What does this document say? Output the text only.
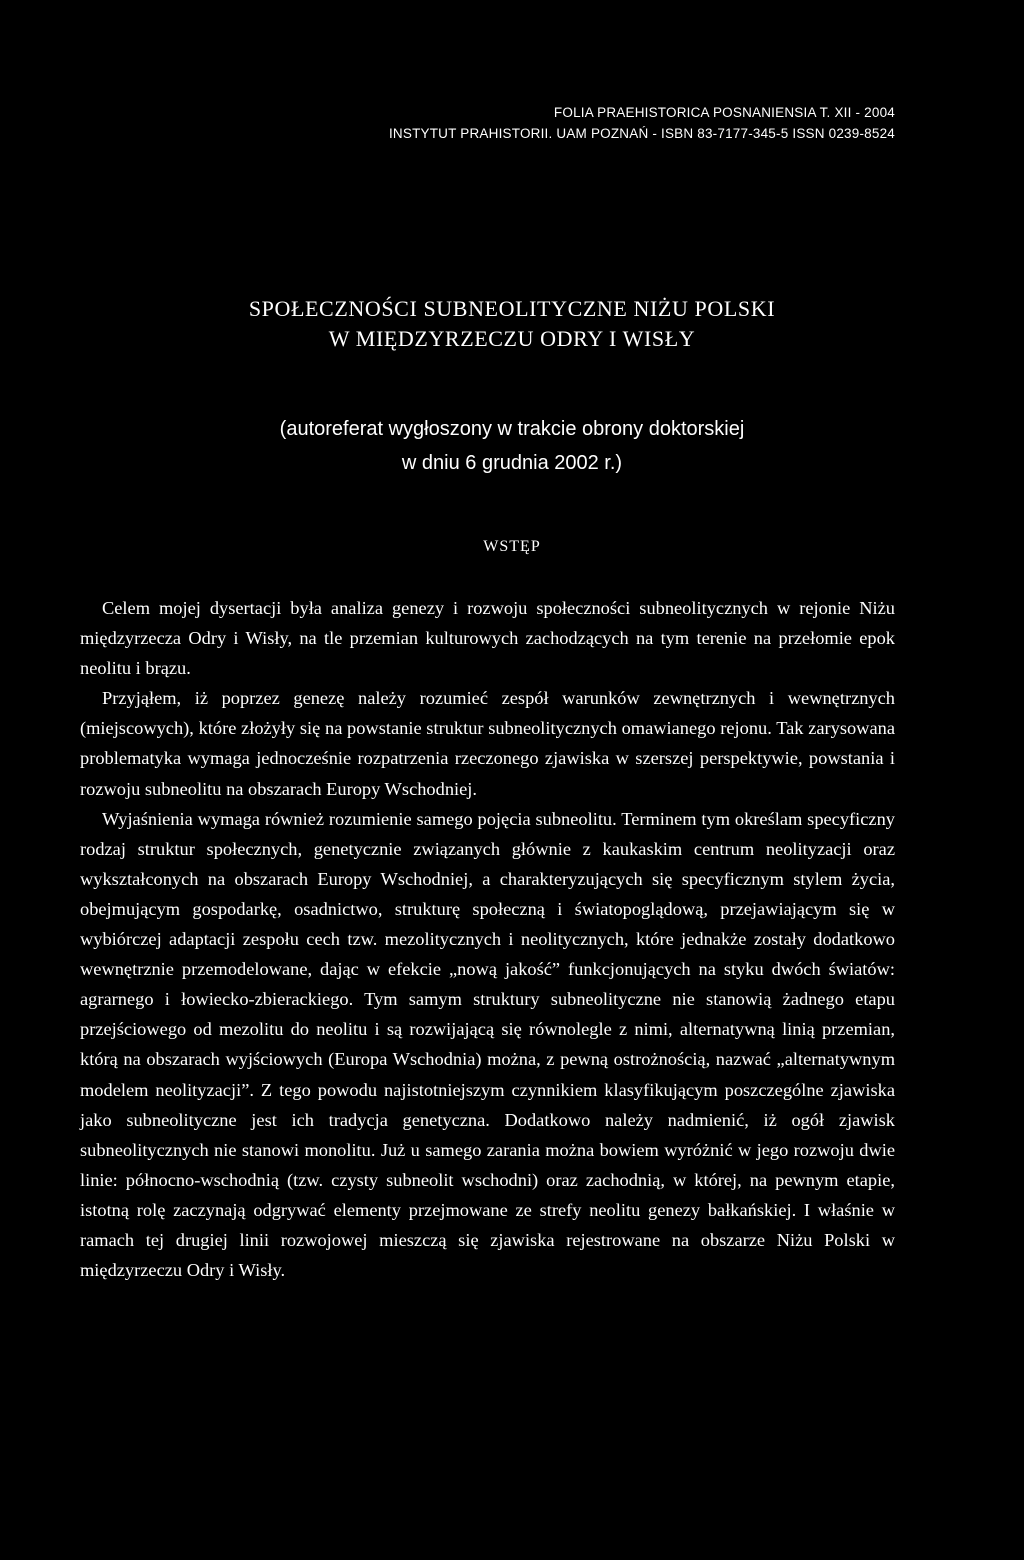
FOLIA PRAEHISTORICA POSNANIENSIA T. XII - 2004
INSTYTUT PRAHISTORII. UAM POZNAŃ - ISBN 83-7177-345-5 ISSN 0239-8524
SPOŁECZNOŚCI SUBNEOLITYCZNE NIŻU POLSKI
W MIĘDZYRZECZU ODRY I WISŁY
(autoreferat wygłoszony w trakcie obrony doktorskiej
w dniu 6 grudnia 2002 r.)
WSTĘP

Celem mojej dysertacji była analiza genezy i rozwoju społeczności subneolitycznych w rejonie Niżu międzyrzecza Odry i Wisły, na tle przemian kulturowych zachodzących na tym terenie na przełomie epok neolitu i brązu.

Przyjąłem, iż poprzez genezę należy rozumieć zespół warunków zewnętrznych i wewnętrznych (miejscowych), które złożyły się na powstanie struktur subneolitycznych omawianego rejonu. Tak zarysowana problematyka wymaga jednocześnie rozpatrzenia rzeczonego zjawiska w szerszej perspektywie, powstania i rozwoju subneolitu na obszarach Europy Wschodniej.

Wyjaśnienia wymaga również rozumienie samego pojęcia subneolitu. Terminem tym określam specyficzny rodzaj struktur społecznych, genetycznie związanych głównie z kaukaskim centrum neolityzacji oraz wykształconych na obszarach Europy Wschodniej, a charakteryzujących się specyficznym stylem życia, obejmującym gospodarkę, osadnictwo, strukturę społeczną i światopoglądową, przejawiającym się w wybiórczej adaptacji zespołu cech tzw. mezolitycznych i neolitycznych, które jednakże zostały dodatkowo wewnętrznie przemodelowane, dając w efekcie „nową jakość” funkcjonujących na styku dwóch światów: agrarnego i łowiecko-zbierackiego. Tym samym struktury subneolityczne nie stanowią żadnego etapu przejściowego od mezolitu do neolitu i są rozwijającą się równolegle z nimi, alternatywną linią przemian, którą na obszarach wyjściowych (Europa Wschodnia) można, z pewną ostrożnością, nazwać „alternatywnym modelem neolityzacji”. Z tego powodu najistotniejszym czynnikiem klasyfikującym poszczególne zjawiska jako subneolityczne jest ich tradycja genetyczna. Dodatkowo należy nadmienić, iż ogół zjawisk subneolitycznych nie stanowi monolitu. Już u samego zarania można bowiem wyróżnić w jego rozwoju dwie linie: północno-wschodnią (tzw. czysty subneolit wschodni) oraz zachodnią, w której, na pewnym etapie, istotną rolę zaczynają odgrywać elementy przejmowane ze strefy neolitu genezy bałkańskiej. I właśnie w ramach tej drugiej linii rozwojowej mieszczą się zjawiska rejestrowane na obszarze Niżu Polski w międzyrzeczu Odry i Wisły.
